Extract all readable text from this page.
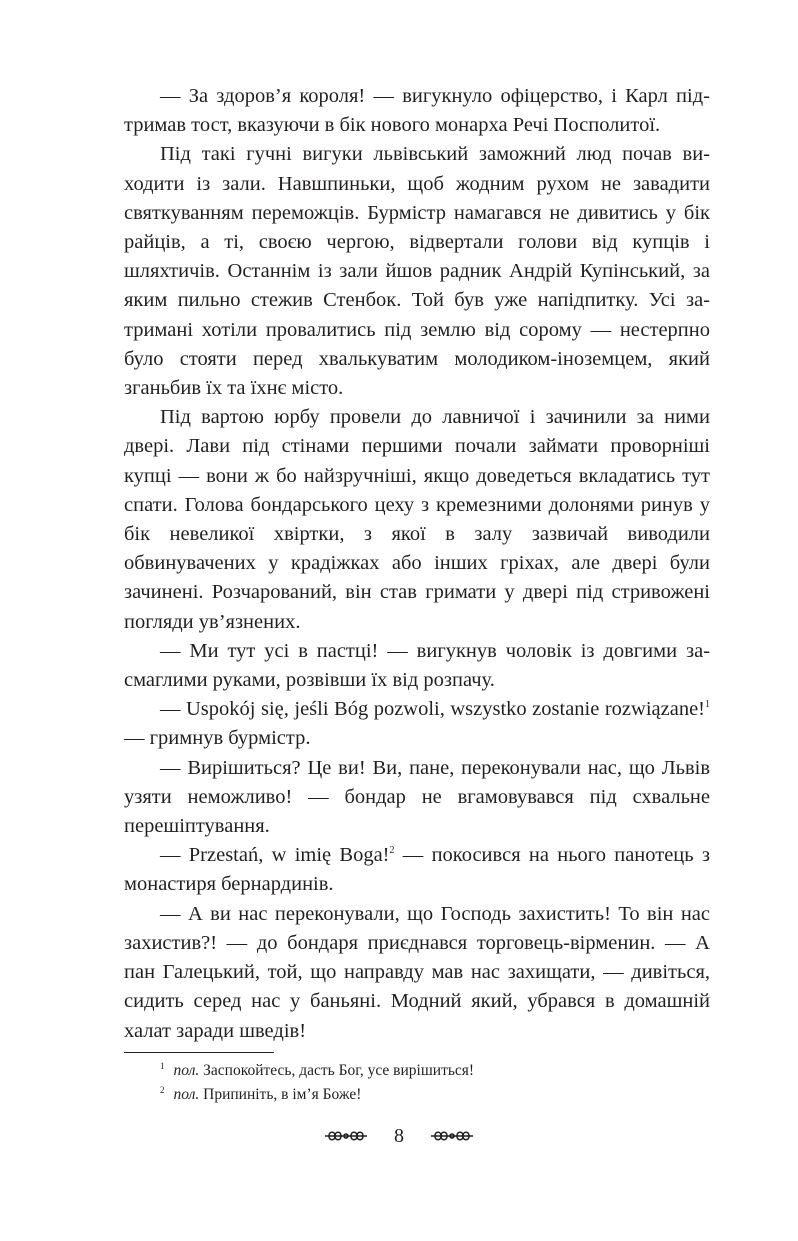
— За здоров’я короля! — вигукнуло офіцерство, і Карл підтримав тост, вказуючи в бік нового монарха Речі Посполитої.

Під такі гучні вигуки львівський заможний люд почав виходити із зали. Навшпиньки, щоб жодним рухом не завадити святкуванням переможців. Бурмістр намагався не дивитись у бік райців, а ті, своєю чергою, відвертали голови від купців і шляхтичів. Останнім із зали йшов радник Андрій Купінський, за яким пильно стежив Стенбок. Той був уже напідпитку. Усі затримані хотіли провалитись під землю від сорому — нестерпно було стояти перед хвалькуватим молодиком-іноземцем, який зганьбив їх та їхнє місто.

Під вартою юрбу провели до лавничої і зачинили за ними двері. Лави під стінами першими почали займати проворніші купці — вони ж бо найзручніші, якщо доведеться вкладатись тут спати. Голова бондарського цеху з кремезними долонями ринув у бік невеликої хвіртки, з якої в залу зазвичай виводили обвинувачених у крадіжках або інших гріхах, але двері були зачинені. Розчарований, він став гримати у двері під стривожені погляди ув’язнених.

— Ми тут усі в пастці! — вигукнув чоловік із довгими засмаглими руками, розвівши їх від розпачу.

— Uspokój się, jeśli Bóg pozwoli, wszystko zostanie rozwiązane!$^1$ — гримнув бурмістр.

— Вирішиться? Це ви! Ви, пане, переконували нас, що Львів узяти неможливо! — бондар не вгамовувався під схвальне перешіптування.

— Przestań, w imię Boga!$^2$ — покосився на нього панотець з монастиря бернардинів.

— А ви нас переконували, що Господь захистить! То він нас захистив?! — до бондаря приєднався торговець-вірменин. — А пан Галецький, той, що направду мав нас захищати, — дивіться, сидить серед нас у баньяні. Модний який, убрався в домашній халат заради шведів!

$^1$ пол. Заспокойтесь, дасть Бог, усе вирішиться!

$^2$ пол. Припиніть, в ім’я Боже!

8
